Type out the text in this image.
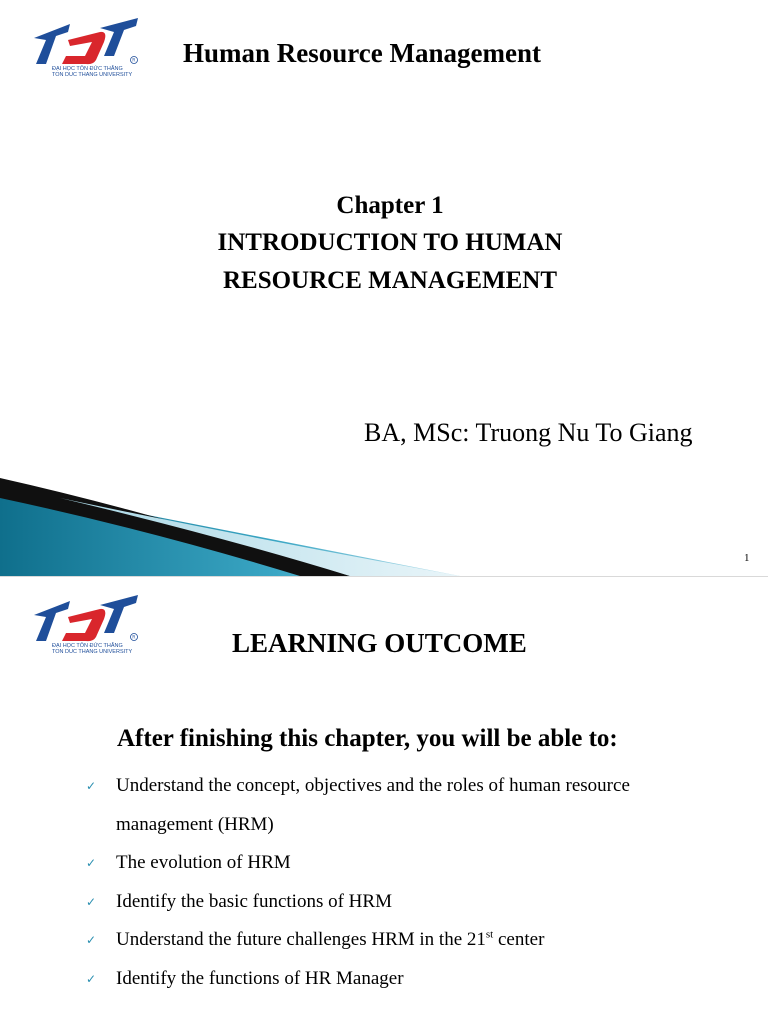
R
ĐẠI HỌC TÔN ĐỨC THẮNG
TON DUC THANG UNIVERSITY
Human Resource Management
Chapter 1
INTRODUCTION TO HUMAN
RESOURCE MANAGEMENT
BA, MSc: Truong Nu To Giang
1
R
ĐẠI HỌC TÔN ĐỨC THẮNG
TON DUC THANG UNIVERSITY	LEARNING OUTCOME
After finishing this chapter, you will be able to:
✓ Understand the concept, objectives and the roles of human resource
management (HRM)
✓ The evolution of HRM
✓ Identify the basic functions of HRM
✓ Understand the future challenges HRM in the 21st center
✓ Identify the functions of HR Manager
